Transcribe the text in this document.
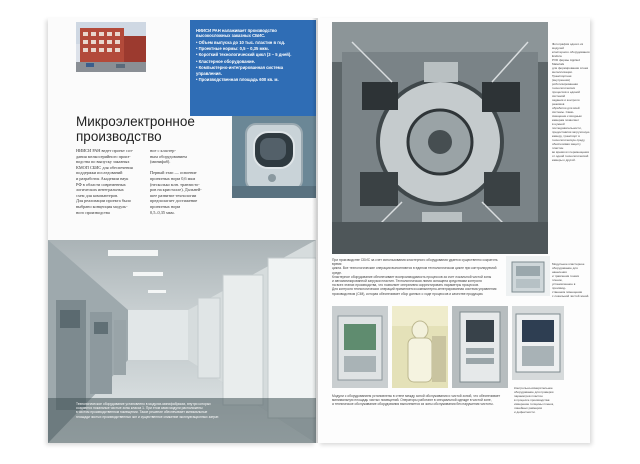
НИИСИ РАН налаживает производство высокосложных заказных СБИС.
• Объем выпуска до 10 тыс. пластин в год.
• Проектные нормы: 0,5 – 0,35 мкм.
• Короткий технологический цикл (3 – 5 дней).
• Кластерное оборудование.
• Компьютерно-интегрированная система управления.
• Производственная площадь 600 кв. м.
Микроэлектронное
производство
НИИСИ РАН ведет проект соз-
дания мелкосерийного произ-
водства по выпуску заказных
КМОП СБИС для обеспечения
поддержки исследований
и разработок Академии наук
РФ в области современных
логических интегральных
схем для компьютеров.
Для реализации проекта было
выбрано концепция модуль-
ного производства
ное с кластер-
ным оборудованием
(минифаб).
Первый этап — освоение
проектных норм 0,6 мкм
(несколько млн. транзисто-
ров на кристалле). Дальней-
шее развитие технологии
предполагает достижение
проектных норм
0,5–0,35 мкм.
Технологическое оборудование установлено в модулях-минифабриках, внутри которых
создаются локальные чистые зоны класса 1. При этом сами модули расположены
в чистом производственном помещении. Такое решение обеспечивает минимальные
площади чистых производственных зон и существенное снижение эксплуатационных затрат.
Фотография одного из модулей
кластерного оборудования Endura
PVD фирмы Applied Materials
для формирования слоев
металлизации.
Транспортная (внутренняя)
роботизированная технологических
процессов и единой системой
задания и контроля режимов
обработки для всей системы. Само-
смещение к входным
камерам позволяет
в нужной последовательности,
предоставляя загрузочную
камеру, транспорт в
технологическую среду,
обеспечивая защиту пластин
во время их перемещения
от одной технологической
камеры к другой.
При производстве СБИС за счет использования кластерного оборудования удается существенно сократить время
цикла. Все технологические операции выполняются в едином технологическом цикле при контролируемой среде.
Кластерное оборудование обеспечивает воспроизводимость процессов за счет локальной чистой зоны
и автоматизированной загрузки пластин. Технологическая линия оснащена средствами контроля
на всех этапах производства, что позволяет оперативно корректировать параметры процессов.
Для контроля технологических операций применяется компьютерно-интегрированная система управления
производством (CIM), которая обеспечивает сбор данных о ходе процессов и качестве продукции.
Модульное кластерное
оборудование для нанесения
и травления тонких пленок,
установленное в производ-
ственном помещении
с локальной чистой зоной.
Модули с оборудованием установлены в стене между зоной обслуживания и чистой зоной, что обеспечивает
минимальную площадь чистых помещений. Операторы работают в специальной одежде в чистой зоне,
а техническое обслуживание оборудования выполняется из зоны обслуживания без нарушения чистоты.
Контрольно-измерительное
оборудование для проверки
параметров пластин
в процессе производства:
измерение толщины пленок,
линейных размеров
и дефектности.
